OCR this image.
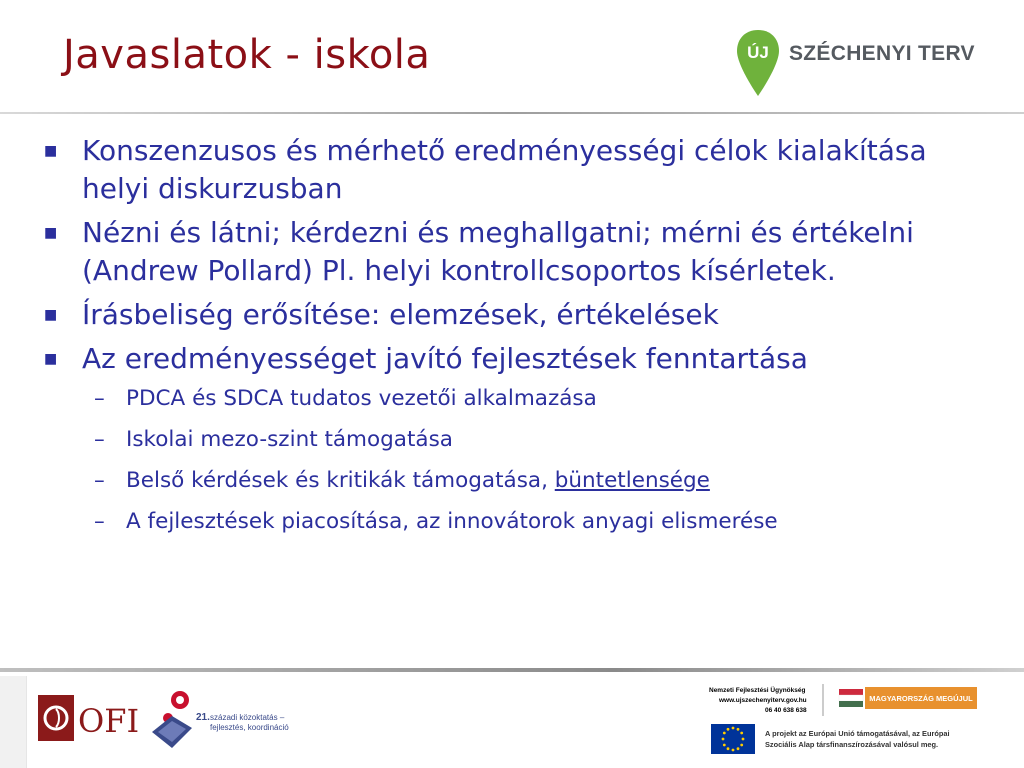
Javaslatok - iskola	ÚJ SZÉCHENYI TERV
■ Konszenzusos és mérhető eredményességi célok kialakítása helyi diskurzusban
■ Nézni és látni; kérdezni és meghallgatni; mérni és értékelni (Andrew Pollard) Pl. helyi kontrollcsoportos kísérletek.
■ Írásbeliség erősítése: elemzések, értékelések
■ Az eredményességet javító fejlesztések fenntartása
– PDCA és SDCA tudatos vezetői alkalmazása
– Iskolai mezo-szint támogatása
– Belső kérdések és kritikák támogatása, büntetlensége
– A fejlesztések piacosítása, az innovátorok anyagi elismerése
OFI	21. századi közoktatás –
fejlesztés, koordináció
Nemzeti Fejlesztési Ügynökség
www.ujszechenyiterv.gov.hu
06 40 638 638
MAGYARORSZÁG MEGÚJUL
A projekt az Európai Unió támogatásával, az Európai
Szociális Alap társfinanszírozásával valósul meg.
